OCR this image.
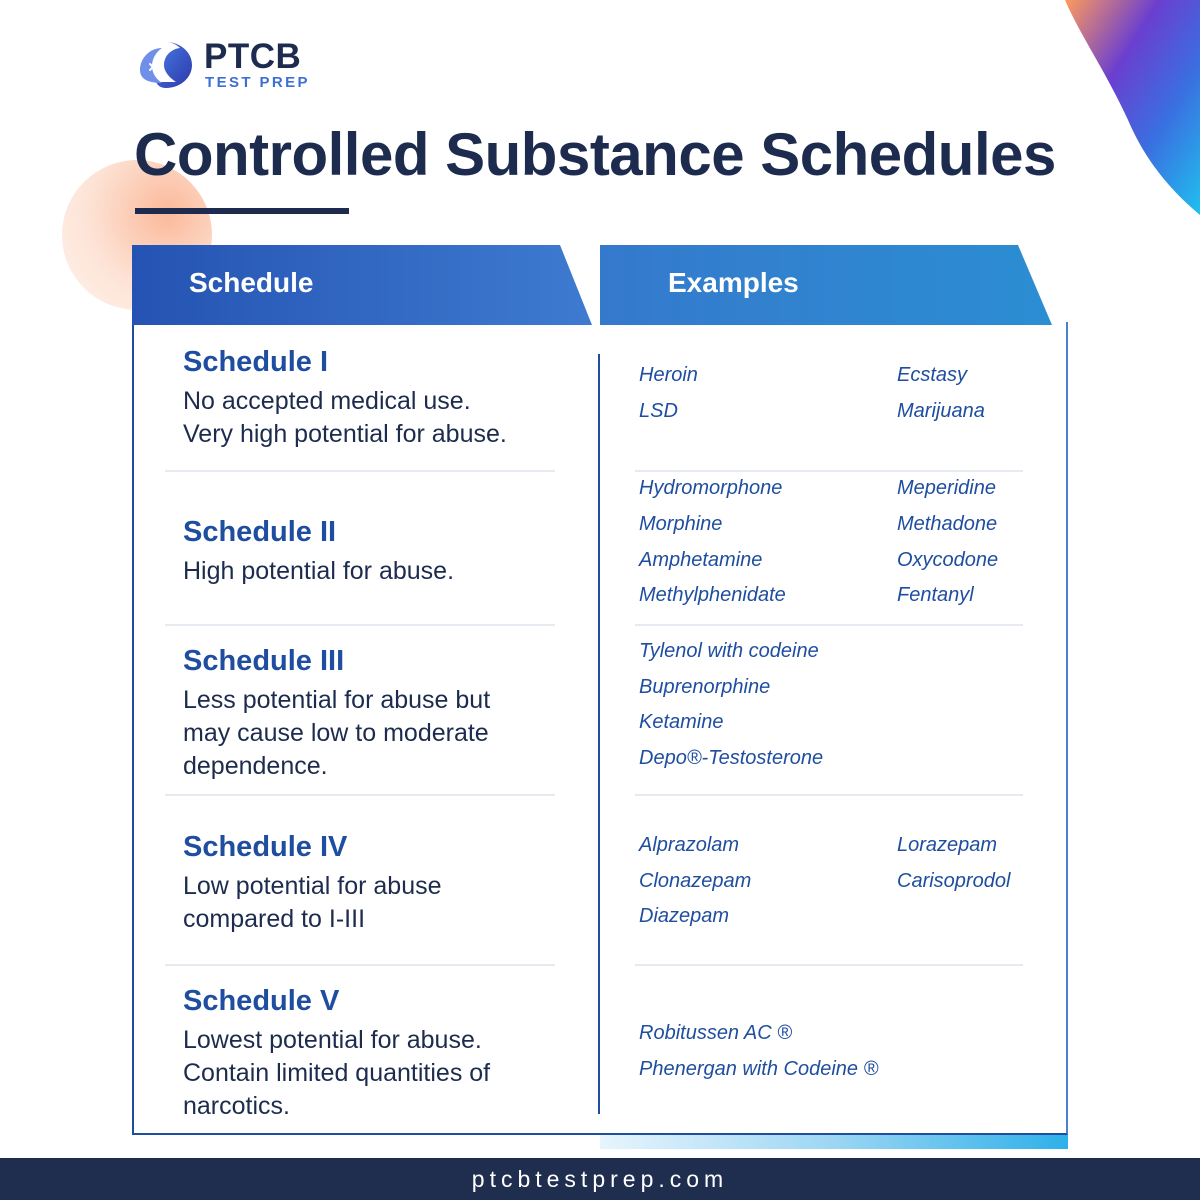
PTCB
TEST PREP
Controlled Substance Schedules
Schedule	Examples
Schedule I
No accepted medical use.
Very high potential for abuse.
Heroin
LSD
Ecstasy
Marijuana
Schedule II
High potential for abuse.
Hydromorphone
Morphine
Amphetamine
Methylphenidate
Meperidine
Methadone
Oxycodone
Fentanyl
Schedule III
Less potential for abuse but
may cause low to moderate
dependence.
Tylenol with codeine
Buprenorphine
Ketamine
Depo®-Testosterone
Schedule IV
Low potential for abuse
compared to I-III
Alprazolam
Clonazepam
Diazepam
Lorazepam
Carisoprodol
Schedule V
Lowest potential for abuse.
Contain limited quantities of
narcotics.
Robitussen AC ®
Phenergan with Codeine ®
ptcbtestprep.com
